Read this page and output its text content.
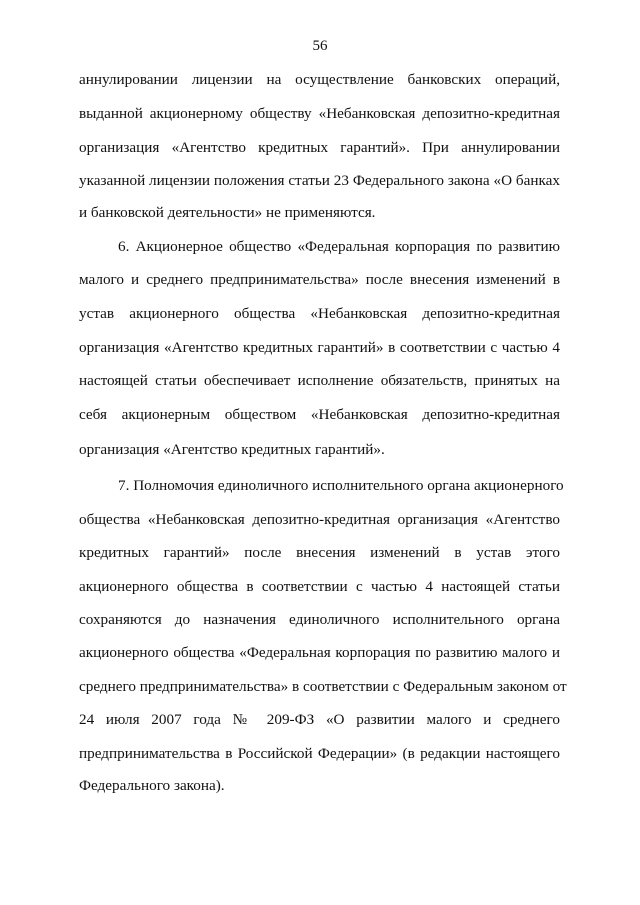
56
аннулировании лицензии на осуществление банковских операций,
выданной акционерному обществу «Небанковская депозитно-кредитная
организация «Агентство кредитных гарантий». При аннулировании
указанной лицензии положения статьи 23 Федерального закона «О банках
и банковской деятельности» не применяются.
6. Акционерное общество «Федеральная корпорация по развитию
малого и среднего предпринимательства» после внесения изменений в
устав акционерного общества «Небанковская депозитно-кредитная
организация «Агентство кредитных гарантий» в соответствии с частью 4
настоящей статьи обеспечивает исполнение обязательств, принятых на
себя акционерным обществом «Небанковская депозитно-кредитная
организация «Агентство кредитных гарантий».
7. Полномочия единоличного исполнительного органа акционерного
общества «Небанковская депозитно-кредитная организация «Агентство
кредитных гарантий» после внесения изменений в устав этого
акционерного общества в соответствии с частью 4 настоящей статьи
сохраняются до назначения единоличного исполнительного органа
акционерного общества «Федеральная корпорация по развитию малого и
среднего предпринимательства» в соответствии с Федеральным законом от
24 июля 2007 года № 209-ФЗ «О развитии малого и среднего
предпринимательства в Российской Федерации» (в редакции настоящего
Федерального закона).
